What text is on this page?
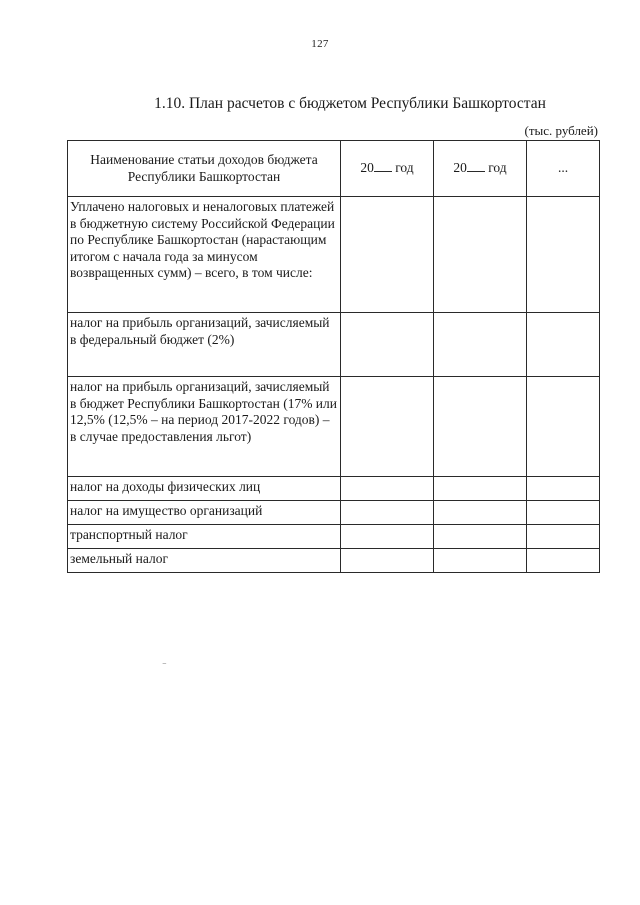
127
1.10. План расчетов с бюджетом Республики Башкортостан
(тыс. рублей)
Наименование статьи доходов бюджета Республики Башкортостан	20 год	20 год	...
Уплачено налоговых и неналоговых платежей в бюджетную систему Российской Федерации по Республике Башкортостан (нарастающим итогом с начала года за минусом возвращенных сумм) – всего, в том числе:			
налог на прибыль организаций, зачисляемый в федеральный бюджет (2%)			
налог на прибыль организаций, зачисляемый в бюджет Республики Башкортостан (17% или 12,5% (12,5% – на период 2017-2022 годов) – в случае предоставления льгот)			
налог на доходы физических лиц			
налог на имущество организаций			
транспортный налог			
земельный налог			
⁻
